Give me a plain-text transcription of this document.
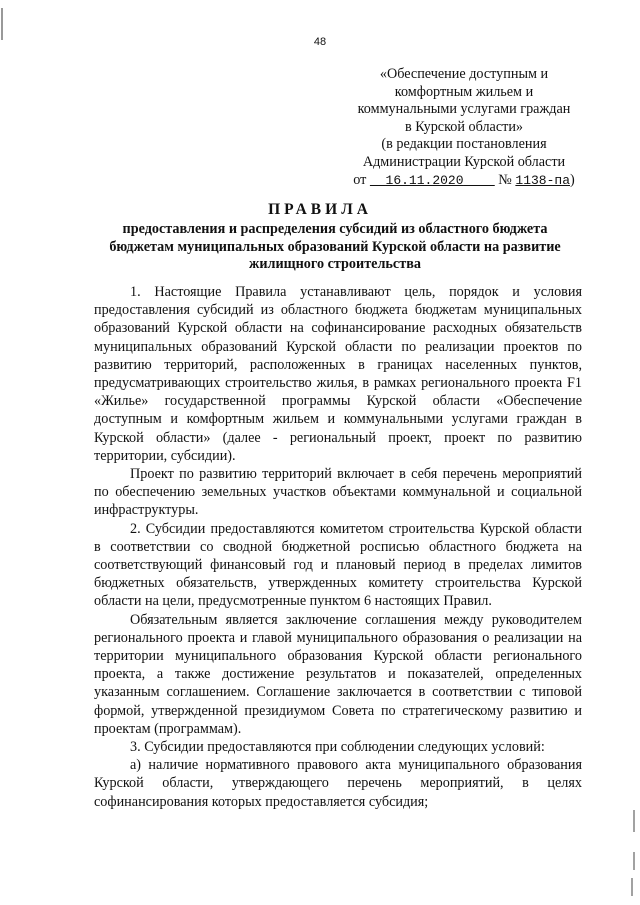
48
«Обеспечение доступным и
комфортным жильем и
коммунальными услугами граждан
в Курской области»
(в редакции постановления
Администрации Курской области
от 16.11.2020 № 1138-па)
ПРАВИЛА
предоставления и распределения субсидий из областного бюджета
бюджетам муниципальных образований Курской области на развитие
жилищного строительства

1. Настоящие Правила устанавливают цель, порядок и условия предоставления субсидий из областного бюджета бюджетам муниципальных образований Курской области на софинансирование расходных обязательств муниципальных образований Курской области по реализации проектов по развитию территорий, расположенных в границах населенных пунктов, предусматривающих строительство жилья, в рамках регионального проекта F1 «Жилье» государственной программы Курской области «Обеспечение доступным и комфортным жильем и коммунальными услугами граждан в Курской области» (далее - региональный проект, проект по развитию территории, субсидии).

Проект по развитию территорий включает в себя перечень мероприятий по обеспечению земельных участков объектами коммунальной и социальной инфраструктуры.

2. Субсидии предоставляются комитетом строительства Курской области в соответствии со сводной бюджетной росписью областного бюджета на соответствующий финансовый год и плановый период в пределах лимитов бюджетных обязательств, утвержденных комитету строительства Курской области на цели, предусмотренные пунктом 6 настоящих Правил.

Обязательным является заключение соглашения между руководителем регионального проекта и главой муниципального образования о реализации на территории муниципального образования Курской области регионального проекта, а также достижение результатов и показателей, определенных указанным соглашением. Соглашение заключается в соответствии с типовой формой, утвержденной президиумом Совета по стратегическому развитию и проектам (программам).

3. Субсидии предоставляются при соблюдении следующих условий:

а) наличие нормативного правового акта муниципального образования Курской области, утверждающего перечень мероприятий, в целях софинансирования которых предоставляется субсидия;
